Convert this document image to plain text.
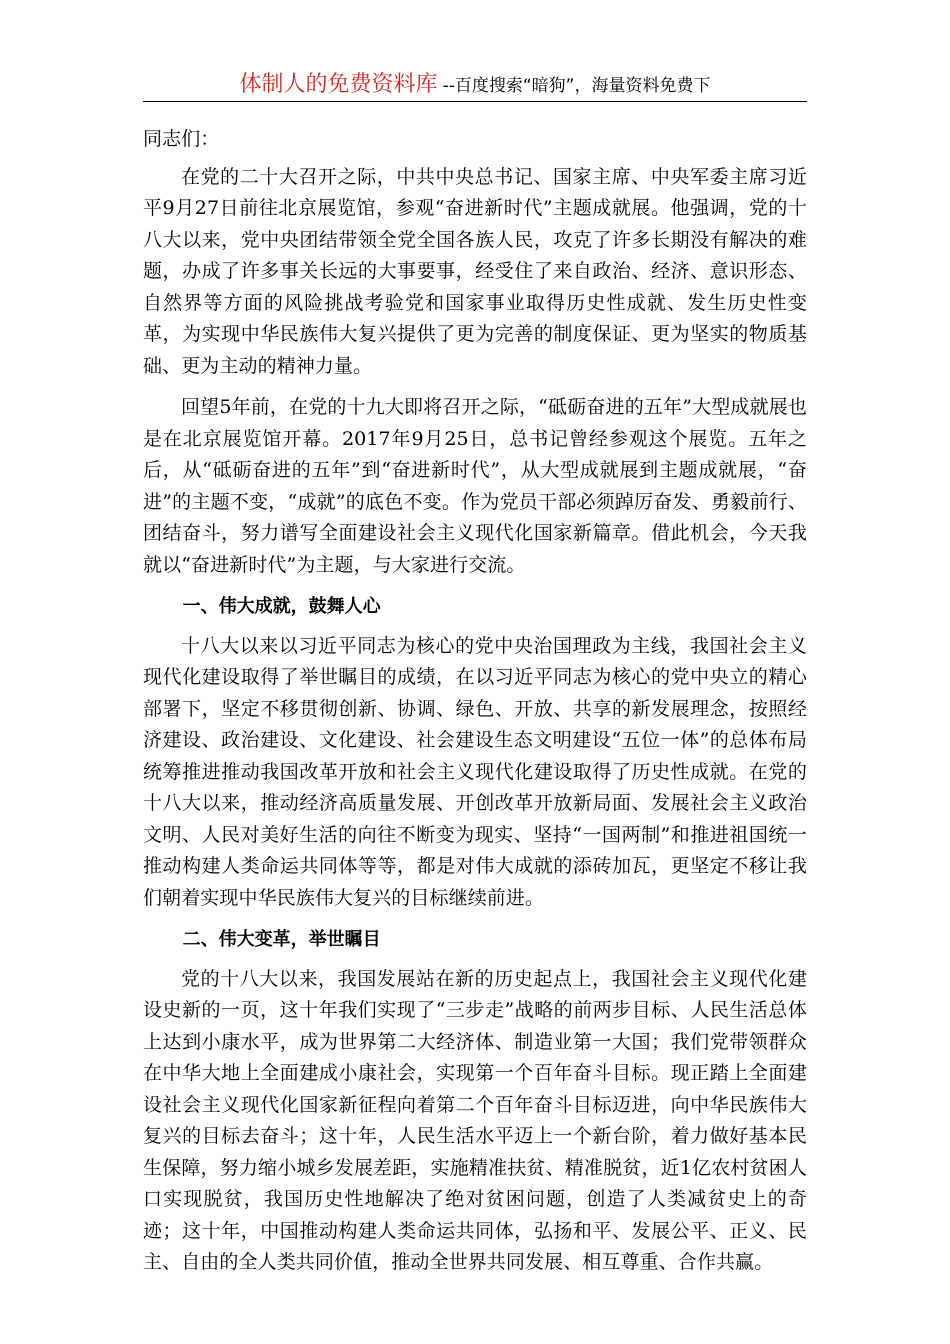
体制人的免费资料库 --百度搜索“暗狗”，海量资料免费下

同志们：

在党的二十大召开之际，中共中央总书记、国家主席、中央军委主席习近平9月27日前往北京展览馆，参观“奋进新时代”主题成就展。他强调，党的十八大以来，党中央团结带领全党全国各族人民，攻克了许多长期没有解决的难题，办成了许多事关长远的大事要事，经受住了来自政治、经济、意识形态、自然界等方面的风险挑战考验党和国家事业取得历史性成就、发生历史性变革，为实现中华民族伟大复兴提供了更为完善的制度保证、更为坚实的物质基础、更为主动的精神力量。

回望5年前，在党的十九大即将召开之际，“砥砺奋进的五年”大型成就展也是在北京展览馆开幕。2017年9月25日，总书记曾经参观这个展览。五年之后，从“砥砺奋进的五年”到“奋进新时代”，从大型成就展到主题成就展，“奋进”的主题不变，“成就”的底色不变。作为党员干部必须踔厉奋发、勇毅前行、团结奋斗，努力谱写全面建设社会主义现代化国家新篇章。借此机会，今天我就以“奋进新时代”为主题，与大家进行交流。

一、伟大成就，鼓舞人心

十八大以来以习近平同志为核心的党中央治国理政为主线，我国社会主义现代化建设取得了举世瞩目的成绩，在以习近平同志为核心的党中央立的精心部署下，坚定不移贯彻创新、协调、绿色、开放、共享的新发展理念，按照经济建设、政治建设、文化建设、社会建设生态文明建设“五位一体”的总体布局统筹推进推动我国改革开放和社会主义现代化建设取得了历史性成就。在党的十八大以来，推动经济高质量发展、开创改革开放新局面、发展社会主义政治文明、人民对美好生活的向往不断变为现实、坚持“一国两制”和推进祖国统一推动构建人类命运共同体等等，都是对伟大成就的添砖加瓦，更坚定不移让我们朝着实现中华民族伟大复兴的目标继续前进。

二、伟大变革，举世瞩目

党的十八大以来，我国发展站在新的历史起点上，我国社会主义现代化建设史新的一页，这十年我们实现了“三步走”战略的前两步目标、人民生活总体上达到小康水平，成为世界第二大经济体、制造业第一大国；我们党带领群众在中华大地上全面建成小康社会，实现第一个百年奋斗目标。现正踏上全面建设社会主义现代化国家新征程向着第二个百年奋斗目标迈进，向中华民族伟大复兴的目标去奋斗；这十年，人民生活水平迈上一个新台阶，着力做好基本民生保障，努力缩小城乡发展差距，实施精准扶贫、精准脱贫，近1亿农村贫困人口实现脱贫，我国历史性地解决了绝对贫困问题，创造了人类减贫史上的奇迹；这十年，中国推动构建人类命运共同体，弘扬和平、发展公平、正义、民主、自由的全人类共同价值，推动全世界共同发展、相互尊重、合作共赢。
